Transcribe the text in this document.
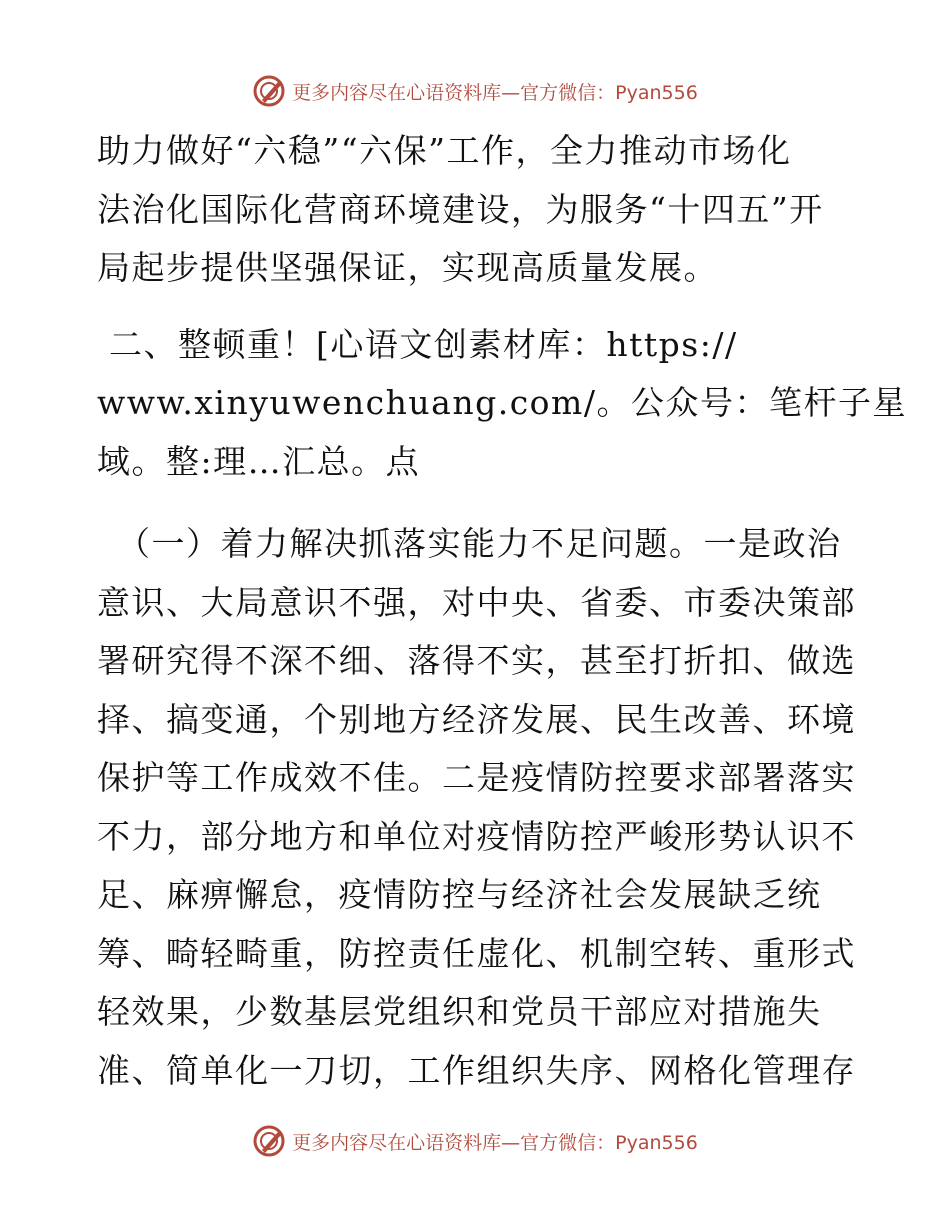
更多内容尽在心语资料库—官方微信：Pyan556

助力做好“六稳”“六保”工作，全力推动市场化
法治化国际化营商环境建设，为服务“十四五”开
局起步提供坚强保证，实现高质量发展。

二、整顿重！[心语文创素材库：https://
www.xinyuwenchuang.com/。公众号：笔杆子星
域。整:理…汇总。点

（一）着力解决抓落实能力不足问题。一是政治
意识、大局意识不强，对中央、省委、市委决策部
署研究得不深不细、落得不实，甚至打折扣、做选
择、搞变通，个别地方经济发展、民生改善、环境
保护等工作成效不佳。二是疫情防控要求部署落实
不力，部分地方和单位对疫情防控严峻形势认识不
足、麻痹懈怠，疫情防控与经济社会发展缺乏统
筹、畸轻畸重，防控责任虚化、机制空转、重形式
轻效果，少数基层党组织和党员干部应对措施失
准、简单化一刀切，工作组织失序、网格化管理存

更多内容尽在心语资料库—官方微信：Pyan556
